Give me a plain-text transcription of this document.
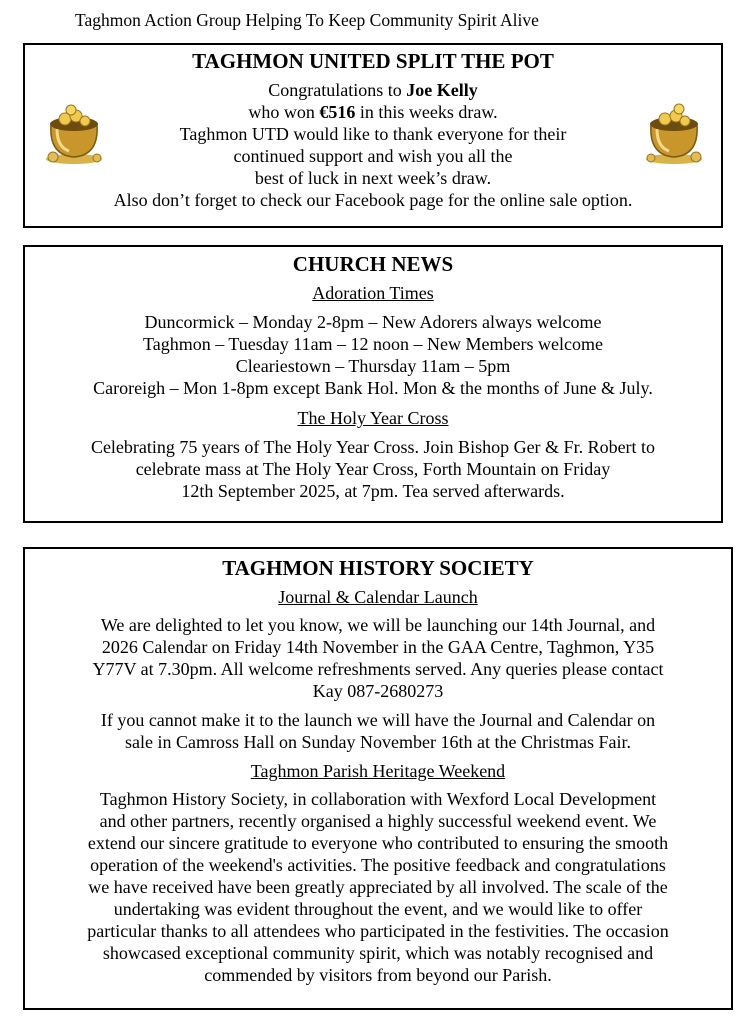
Taghmon Action Group Helping To Keep Community Spirit Alive
TAGHMON UNITED SPLIT THE POT
Congratulations to Joe Kelly
who won €516 in this weeks draw.
Taghmon UTD would like to thank everyone for their
continued support and wish you all the
best of luck in next week’s draw.
Also don’t forget to check our Facebook page for the online sale option.
CHURCH NEWS
Adoration Times
Duncormick – Monday 2-8pm – New Adorers always welcome
Taghmon – Tuesday 11am – 12 noon – New Members welcome
Cleariestown – Thursday 11am – 5pm
Caroreigh – Mon 1-8pm except Bank Hol. Mon & the months of June & July.
The Holy Year Cross
Celebrating 75 years of The Holy Year Cross. Join Bishop Ger & Fr. Robert to
celebrate mass at The Holy Year Cross, Forth Mountain on Friday
12th September 2025, at 7pm. Tea served afterwards.
TAGHMON HISTORY SOCIETY
Journal & Calendar Launch
We are delighted to let you know, we will be launching our 14th Journal, and
2026 Calendar on Friday 14th November in the GAA Centre, Taghmon, Y35
Y77V at 7.30pm. All welcome refreshments served. Any queries please contact
Kay 087-2680273
If you cannot make it to the launch we will have the Journal and Calendar on
sale in Camross Hall on Sunday November 16th at the Christmas Fair.
Taghmon Parish Heritage Weekend
Taghmon History Society, in collaboration with Wexford Local Development
and other partners, recently organised a highly successful weekend event. We
extend our sincere gratitude to everyone who contributed to ensuring the smooth
operation of the weekend's activities. The positive feedback and congratulations
we have received have been greatly appreciated by all involved. The scale of the
undertaking was evident throughout the event, and we would like to offer
particular thanks to all attendees who participated in the festivities. The occasion
showcased exceptional community spirit, which was notably recognised and
commended by visitors from beyond our Parish.
